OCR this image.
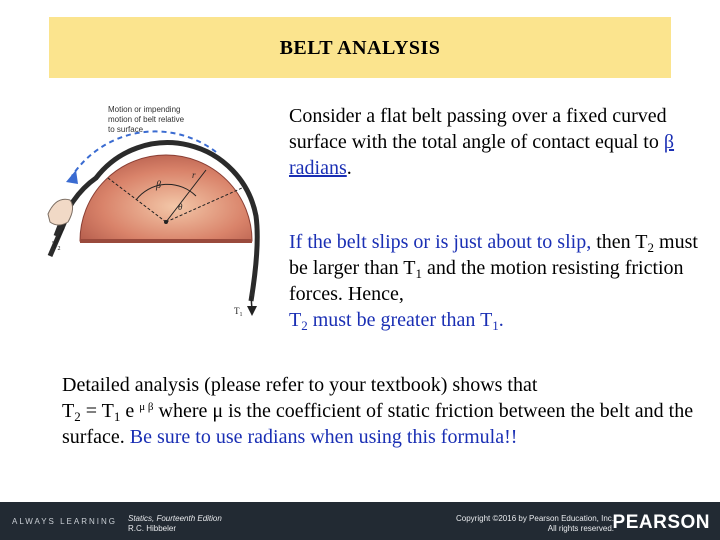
BELT ANALYSIS
Motion or impending
motion of belt relative
to surface
β
r
θ
$T_2$
$T_1$
Consider a flat belt passing over a fixed curved surface with the total angle of contact equal to β radians.
If the belt slips or is just about to slip, then $T_2$ must be larger than $T_1$ and the motion resisting friction forces. Hence,
$T_2$ must be greater than $T_1$.
Detailed analysis (please refer to your textbook) shows that
$T_2 = T_1$ e $^{\mu \beta}$ where μ is the coefficient of static friction between the belt and the surface. Be sure to use radians when using this formula!!
ALWAYS LEARNING Statics, Fourteenth Edition
R.C. Hibbeler
Copyright ©2016 by Pearson Education, Inc.
All rights reserved.
PEARSON
